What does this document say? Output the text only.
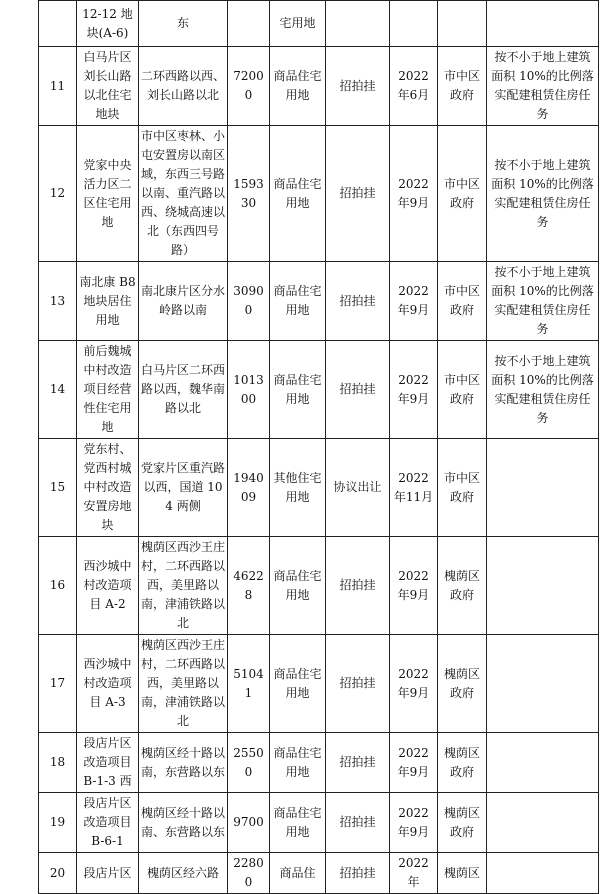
	12-12 地块(A-6)	东		宅用地				
11	白马片区刘长山路以北住宅地块	二环西路以西、刘长山路以北	72000	商品住宅用地	招拍挂	2022 年6月	市中区政府	按不小于地上建筑面积 10%的比例落实配建租赁住房任务
12	党家中央活力区二区住宅用地	市中区枣林、小屯安置房以南区域，东西三号路以南、重汽路以西、绕城高速以北（东西四号路）	159330	商品住宅用地	招拍挂	2022 年9月	市中区政府	按不小于地上建筑面积 10%的比例落实配建租赁住房任务
13	南北康 B8 地块居住用地	南北康片区分水岭路以南	30900	商品住宅用地	招拍挂	2022 年9月	市中区政府	按不小于地上建筑面积 10%的比例落实配建租赁住房任务
14	前后魏城中村改造项目经营性住宅用地	白马片区二环西路以西，魏华南路以北	101300	商品住宅用地	招拍挂	2022 年9月	市中区政府	按不小于地上建筑面积 10%的比例落实配建租赁住房任务
15	党东村、党西村城中村改造安置房地块	党家片区重汽路以西，国道 104 两侧	194009	其他住宅用地	协议出让	2022 年11月	市中区政府	
16	西沙城中村改造项目 A-2	槐荫区西沙王庄村，二环西路以西，美里路以南，津浦铁路以北	46228	商品住宅用地	招拍挂	2022 年9月	槐荫区政府	
17	西沙城中村改造项目 A-3	槐荫区西沙王庄村，二环西路以西，美里路以南，津浦铁路以北	51041	商品住宅用地	招拍挂	2022 年9月	槐荫区政府	
18	段店片区改造项目 B-1-3 西	槐荫区经十路以南，东营路以东	25500	商品住宅用地	招拍挂	2022 年9月	槐荫区政府	
19	段店片区改造项目 B-6-1	槐荫区经十路以南、东营路以东	9700	商品住宅用地	招拍挂	2022 年9月	槐荫区政府	
20	段店片区	槐荫区经六路	22800	商品住	招拍挂	2022 年	槐荫区	
